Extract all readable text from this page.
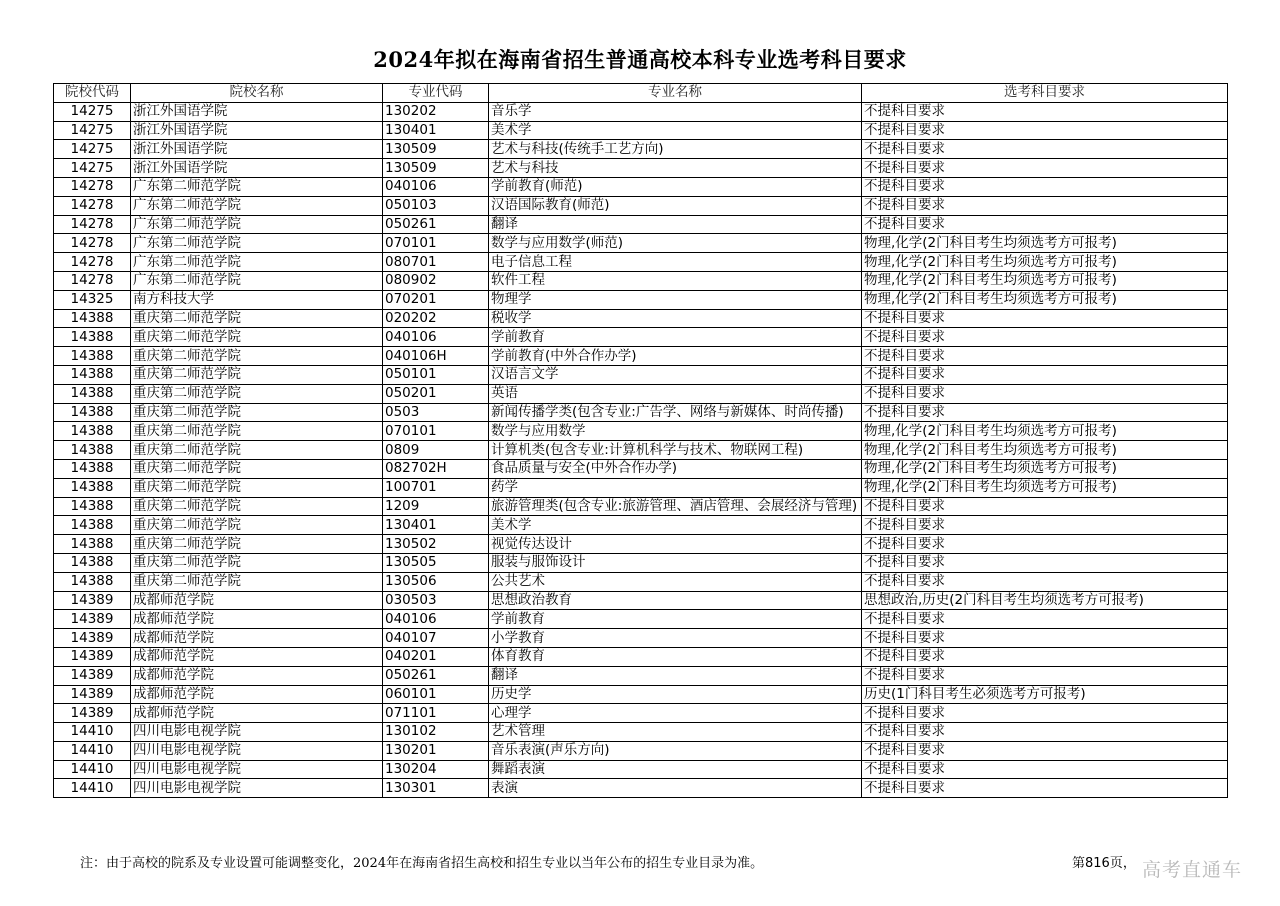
2024年拟在海南省招生普通高校本科专业选考科目要求
院校代码	院校名称	专业代码	专业名称	选考科目要求
14275	浙江外国语学院	130202	音乐学	不提科目要求
14275	浙江外国语学院	130401	美术学	不提科目要求
14275	浙江外国语学院	130509	艺术与科技(传统手工艺方向)	不提科目要求
14275	浙江外国语学院	130509	艺术与科技	不提科目要求
14278	广东第二师范学院	040106	学前教育(师范)	不提科目要求
14278	广东第二师范学院	050103	汉语国际教育(师范)	不提科目要求
14278	广东第二师范学院	050261	翻译	不提科目要求
14278	广东第二师范学院	070101	数学与应用数学(师范)	物理,化学(2门科目考生均须选考方可报考)
14278	广东第二师范学院	080701	电子信息工程	物理,化学(2门科目考生均须选考方可报考)
14278	广东第二师范学院	080902	软件工程	物理,化学(2门科目考生均须选考方可报考)
14325	南方科技大学	070201	物理学	物理,化学(2门科目考生均须选考方可报考)
14388	重庆第二师范学院	020202	税收学	不提科目要求
14388	重庆第二师范学院	040106	学前教育	不提科目要求
14388	重庆第二师范学院	040106H	学前教育(中外合作办学)	不提科目要求
14388	重庆第二师范学院	050101	汉语言文学	不提科目要求
14388	重庆第二师范学院	050201	英语	不提科目要求
14388	重庆第二师范学院	0503	新闻传播学类(包含专业:广告学、网络与新媒体、时尚传播)	不提科目要求
14388	重庆第二师范学院	070101	数学与应用数学	物理,化学(2门科目考生均须选考方可报考)
14388	重庆第二师范学院	0809	计算机类(包含专业:计算机科学与技术、物联网工程)	物理,化学(2门科目考生均须选考方可报考)
14388	重庆第二师范学院	082702H	食品质量与安全(中外合作办学)	物理,化学(2门科目考生均须选考方可报考)
14388	重庆第二师范学院	100701	药学	物理,化学(2门科目考生均须选考方可报考)
14388	重庆第二师范学院	1209	旅游管理类(包含专业:旅游管理、酒店管理、会展经济与管理)	不提科目要求
14388	重庆第二师范学院	130401	美术学	不提科目要求
14388	重庆第二师范学院	130502	视觉传达设计	不提科目要求
14388	重庆第二师范学院	130505	服装与服饰设计	不提科目要求
14388	重庆第二师范学院	130506	公共艺术	不提科目要求
14389	成都师范学院	030503	思想政治教育	思想政治,历史(2门科目考生均须选考方可报考)
14389	成都师范学院	040106	学前教育	不提科目要求
14389	成都师范学院	040107	小学教育	不提科目要求
14389	成都师范学院	040201	体育教育	不提科目要求
14389	成都师范学院	050261	翻译	不提科目要求
14389	成都师范学院	060101	历史学	历史(1门科目考生必须选考方可报考)
14389	成都师范学院	071101	心理学	不提科目要求
14410	四川电影电视学院	130102	艺术管理	不提科目要求
14410	四川电影电视学院	130201	音乐表演(声乐方向)	不提科目要求
14410	四川电影电视学院	130204	舞蹈表演	不提科目要求
14410	四川电影电视学院	130301	表演	不提科目要求
注：由于高校的院系及专业设置可能调整变化，2024年在海南省招生高校和招生专业以当年公布的招生专业目录为准。	第816页， 高考直通车
